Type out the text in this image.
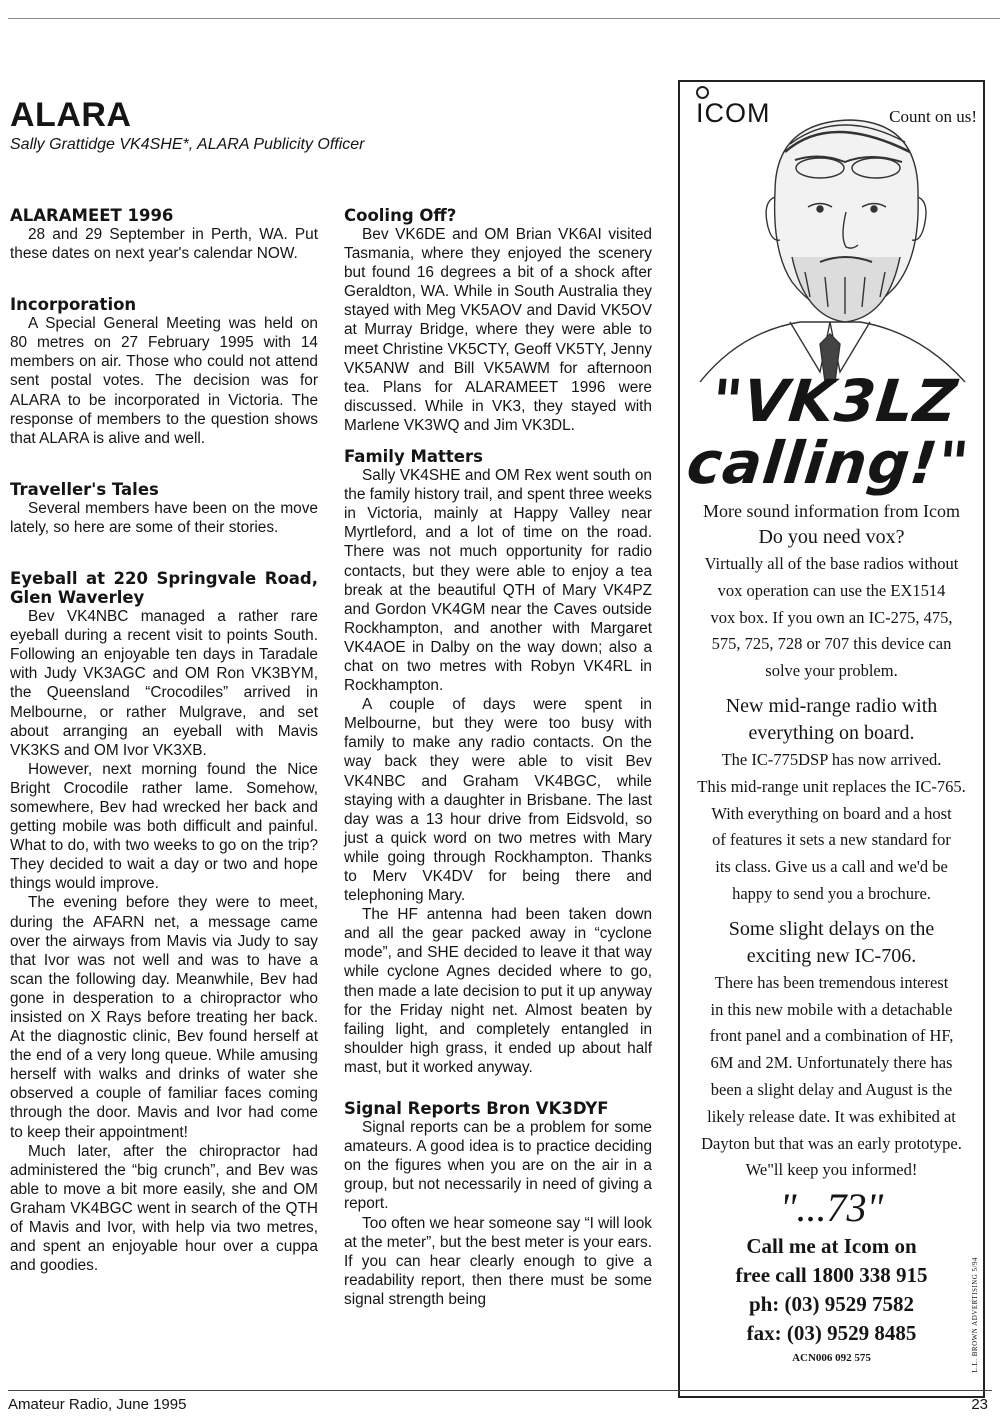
ALARA
Sally Grattidge VK4SHE*, ALARA Publicity Officer
ALARAMEET 1996

28 and 29 September in Perth, WA. Put these dates on next year's calendar NOW.

Incorporation

A Special General Meeting was held on 80 metres on 27 February 1995 with 14 members on air. Those who could not attend sent postal votes. The decision was for ALARA to be incorporated in Victoria. The response of members to the question shows that ALARA is alive and well.

Traveller's Tales

Several members have been on the move lately, so here are some of their stories.

Eyeball at 220 Springvale Road, Glen Waverley

Bev VK4NBC managed a rather rare eyeball during a recent visit to points South. Following an enjoyable ten days in Taradale with Judy VK3AGC and OM Ron VK3BYM, the Queensland “Crocodiles” arrived in Melbourne, or rather Mulgrave, and set about arranging an eyeball with Mavis VK3KS and OM Ivor VK3XB.

However, next morning found the Nice Bright Crocodile rather lame. Somehow, somewhere, Bev had wrecked her back and getting mobile was both difficult and painful. What to do, with two weeks to go on the trip? They decided to wait a day or two and hope things would improve.

The evening before they were to meet, during the AFARN net, a message came over the airways from Mavis via Judy to say that Ivor was not well and was to have a scan the following day. Meanwhile, Bev had gone in desperation to a chiropractor who insisted on X Rays before treating her back. At the diagnostic clinic, Bev found herself at the end of a very long queue. While amusing herself with walks and drinks of water she observed a couple of familiar faces coming through the door. Mavis and Ivor had come to keep their appointment!

Much later, after the chiropractor had administered the “big crunch”, and Bev was able to move a bit more easily, she and OM Graham VK4BGC went in search of the QTH of Mavis and Ivor, with help via two metres, and spent an enjoyable hour over a cuppa and goodies.

Cooling Off?

Bev VK6DE and OM Brian VK6AI visited Tasmania, where they enjoyed the scenery but found 16 degrees a bit of a shock after Geraldton, WA. While in South Australia they stayed with Meg VK5AOV and David VK5OV at Murray Bridge, where they were able to meet Christine VK5CTY, Geoff VK5TY, Jenny VK5ANW and Bill VK5AWM for afternoon tea. Plans for ALARAMEET 1996 were discussed. While in VK3, they stayed with Marlene VK3WQ and Jim VK3DL.

Family Matters

Sally VK4SHE and OM Rex went south on the family history trail, and spent three weeks in Victoria, mainly at Happy Valley near Myrtleford, and a lot of time on the road. There was not much opportunity for radio contacts, but they were able to enjoy a tea break at the beautiful QTH of Mary VK4PZ and Gordon VK4GM near the Caves outside Rockhampton, and another with Margaret VK4AOE in Dalby on the way down; also a chat on two metres with Robyn VK4RL in Rockhampton.

A couple of days were spent in Melbourne, but they were too busy with family to make any radio contacts. On the way back they were able to visit Bev VK4NBC and Graham VK4BGC, while staying with a daughter in Brisbane. The last day was a 13 hour drive from Eidsvold, so just a quick word on two metres with Mary while going through Rockhampton. Thanks to Merv VK4DV for being there and telephoning Mary.

The HF antenna had been taken down and all the gear packed away in “cyclone mode”, and SHE decided to leave it that way while cyclone Agnes decided where to go, then made a late decision to put it up anyway for the Friday night net. Almost beaten by failing light, and completely entangled in shoulder high grass, it ended up about half mast, but it worked anyway.

Signal Reports Bron VK3DYF

Signal reports can be a problem for some amateurs. A good idea is to practice deciding on the figures when you are on the air in a group, but not necessarily in need of giving a report.

Too often we hear someone say “I will look at the meter”, but the best meter is your ears. If you can hear clearly enough to give a readability report, then there must be some signal strength being

ICOM	Count on us!
"VK3LZ
calling!"

More sound information from Icom

Do you need vox?

Virtually all of the base radios without

vox operation can use the EX1514

vox box. If you own an IC-275, 475,

575, 725, 728 or 707 this device can

solve your problem.

New mid-range radio with

everything on board.

The IC-775DSP has now arrived.

This mid-range unit replaces the IC-765.

With everything on board and a host

of features it sets a new standard for

its class. Give us a call and we'd be

happy to send you a brochure.

Some slight delays on the

exciting new IC-706.

There has been tremendous interest

in this new mobile with a detachable

front panel and a combination of HF,

6M and 2M. Unfortunately there has

been a slight delay and August is the

likely release date. It was exhibited at

Dayton but that was an early prototype.

We"ll keep you informed!

"...73"

Call me at Icom on

free call 1800 338 915

ph: (03) 9529 7582

fax: (03) 9529 8485

ACN006 092 575	L.L. BROWN ADVERTISING 5/94
Amateur Radio, June 1995	23
